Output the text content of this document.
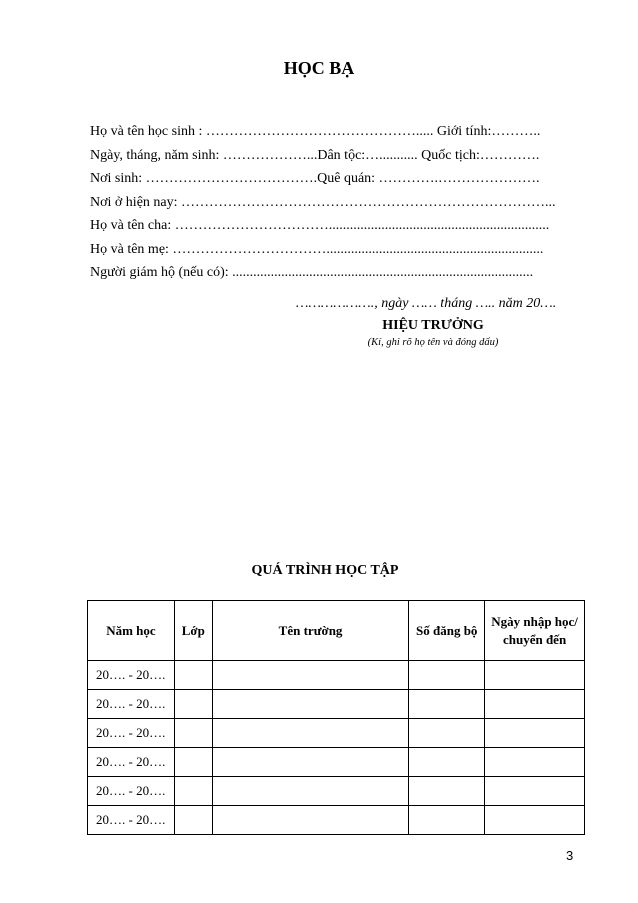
HỌC BẠ
Họ và tên học sinh : ………………………………………..... Giới tính:………..
Ngày, tháng, năm sinh: ………………...Dân tộc:…........... Quốc tịch:………….
Nơi sinh: ……………………………….Quê quán: ………….………………….
Nơi ở hiện nay: ……………………………………………………………………...
Họ và tên cha: ……………………………...............................................................
Họ và tên mẹ: ……………………………..............................................................
Người giám hộ (nếu có): ......................................................................................
………………., ngày …… tháng ….. năm 20….
HIỆU TRƯỞNG
(Kí, ghi rõ họ tên và đóng dấu)
QUÁ TRÌNH HỌC TẬP
Năm học	Lớp	Tên trường	Số đăng bộ	Ngày nhập học/
chuyển đến
20…. - 20….				
20…. - 20….				
20…. - 20….				
20…. - 20….				
20…. - 20….				
20…. - 20….				
3
